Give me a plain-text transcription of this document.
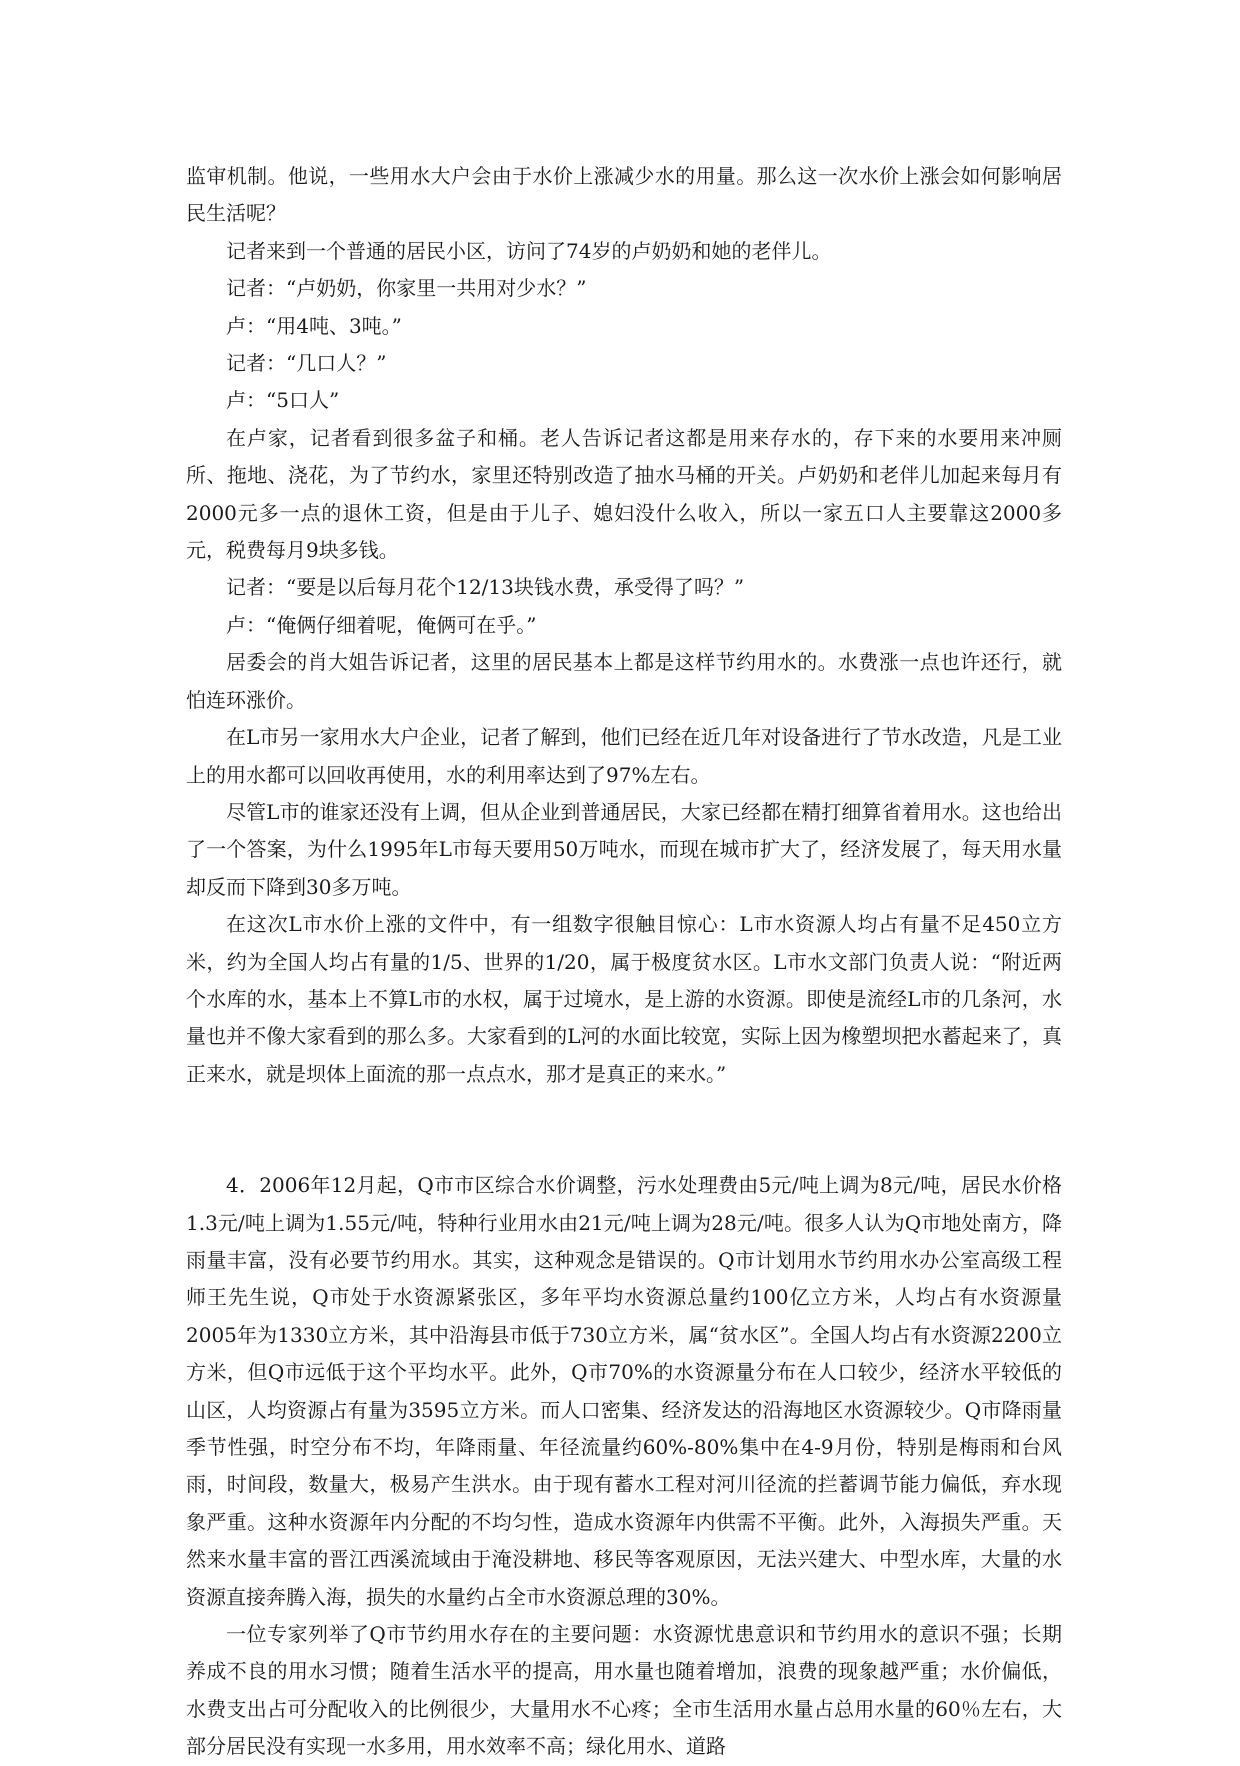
监审机制。他说，一些用水大户会由于水价上涨减少水的用量。那么这一次水价上涨会如何影响居民生活呢？

记者来到一个普通的居民小区，访问了74岁的卢奶奶和她的老伴儿。

记者：“卢奶奶，你家里一共用对少水？”

卢：“用4吨、3吨。”

记者：“几口人？”

卢：“5口人”

在卢家，记者看到很多盆子和桶。老人告诉记者这都是用来存水的，存下来的水要用来冲厕所、拖地、浇花，为了节约水，家里还特别改造了抽水马桶的开关。卢奶奶和老伴儿加起来每月有2000元多一点的退休工资，但是由于儿子、媳妇没什么收入，所以一家五口人主要靠这2000多元，税费每月9块多钱。

记者：“要是以后每月花个12/13块钱水费，承受得了吗？”

卢：“俺俩仔细着呢，俺俩可在乎。”

居委会的肖大姐告诉记者，这里的居民基本上都是这样节约用水的。水费涨一点也许还行，就怕连环涨价。

在L市另一家用水大户企业，记者了解到，他们已经在近几年对设备进行了节水改造，凡是工业上的用水都可以回收再使用，水的利用率达到了97%左右。

尽管L市的谁家还没有上调，但从企业到普通居民，大家已经都在精打细算省着用水。这也给出了一个答案，为什么1995年L市每天要用50万吨水，而现在城市扩大了，经济发展了，每天用水量却反而下降到30多万吨。

在这次L市水价上涨的文件中，有一组数字很触目惊心：L市水资源人均占有量不足450立方米，约为全国人均占有量的1/5、世界的1/20，属于极度贫水区。L市水文部门负责人说：“附近两个水库的水，基本上不算L市的水权，属于过境水，是上游的水资源。即使是流经L市的几条河，水量也并不像大家看到的那么多。大家看到的L河的水面比较宽，实际上因为橡塑坝把水蓄起来了，真正来水，就是坝体上面流的那一点点水，那才是真正的来水。”

4．2006年12月起，Q市市区综合水价调整，污水处理费由5元/吨上调为8元/吨，居民水价格1.3元/吨上调为1.55元/吨，特种行业用水由21元/吨上调为28元/吨。很多人认为Q市地处南方，降雨量丰富，没有必要节约用水。其实，这种观念是错误的。Q市计划用水节约用水办公室高级工程师王先生说，Q市处于水资源紧张区，多年平均水资源总量约100亿立方米，人均占有水资源量2005年为1330立方米，其中沿海县市低于730立方米，属“贫水区”。全国人均占有水资源2200立方米，但Q市远低于这个平均水平。此外，Q市70%的水资源量分布在人口较少，经济水平较低的山区，人均资源占有量为3595立方米。而人口密集、经济发达的沿海地区水资源较少。Q市降雨量季节性强，时空分布不均，年降雨量、年径流量约60%-80%集中在4-9月份，特别是梅雨和台风雨，时间段，数量大，极易产生洪水。由于现有蓄水工程对河川径流的拦蓄调节能力偏低，弃水现象严重。这种水资源年内分配的不均匀性，造成水资源年内供需不平衡。此外，入海损失严重。天然来水量丰富的晋江西溪流域由于淹没耕地、移民等客观原因，无法兴建大、中型水库，大量的水资源直接奔腾入海，损失的水量约占全市水资源总理的30%。

一位专家列举了Q市节约用水存在的主要问题：水资源忧患意识和节约用水的意识不强；长期养成不良的用水习惯；随着生活水平的提高，用水量也随着增加，浪费的现象越严重；水价偏低，水费支出占可分配收入的比例很少，大量用水不心疼；全市生活用水量占总用水量的60％左右，大部分居民没有实现一水多用，用水效率不高；绿化用水、道路
